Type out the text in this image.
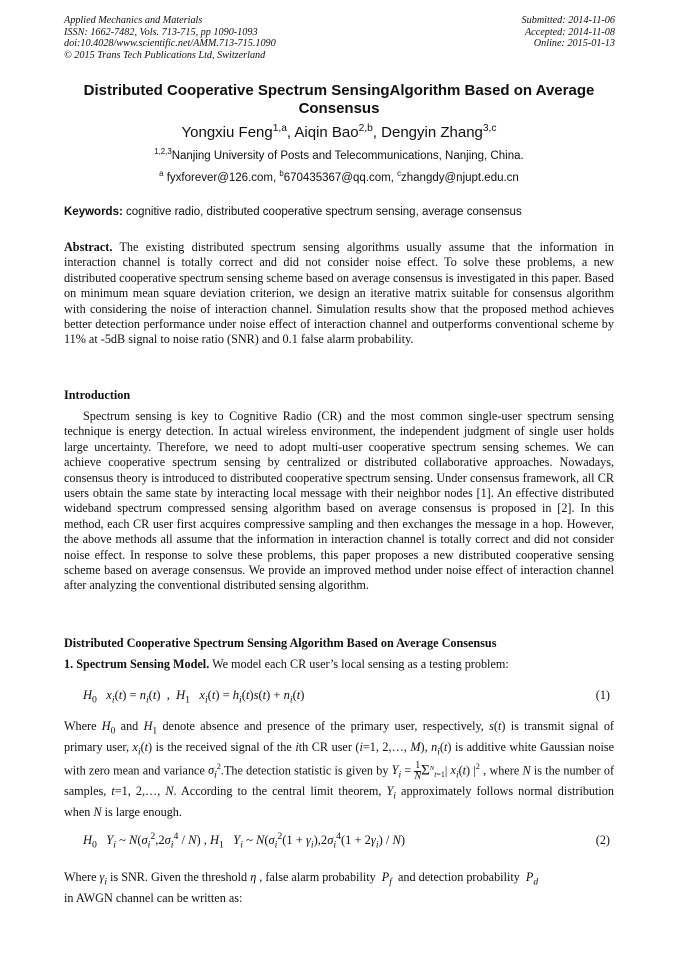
Applied Mechanics and Materials
ISSN: 1662-7482, Vols. 713-715, pp 1090-1093
doi:10.4028/www.scientific.net/AMM.713-715.1090
© 2015 Trans Tech Publications Ltd, Switzerland
Submitted: 2014-11-06
Accepted: 2014-11-08
Online: 2015-01-13
Distributed Cooperative Spectrum SensingAlgorithm Based on Average Consensus
Yongxiu Feng$^{1,a}$, Aiqin Bao$^{2,b}$, Dengyin Zhang$^{3,c}$
$^{1,2,3}$Nanjing University of Posts and Telecommunications, Nanjing, China.
$^a$ fyxforever@126.com, $^b$670435367@qq.com, $^c$zhangdy@njupt.edu.cn
Keywords: cognitive radio, distributed cooperative spectrum sensing, average consensus
Abstract. The existing distributed spectrum sensing algorithms usually assume that the information in interaction channel is totally correct and did not consider noise effect. To solve these problems, a new distributed cooperative spectrum sensing scheme based on average consensus is investigated in this paper. Based on minimum mean square deviation criterion, we design an iterative matrix suitable for consensus algorithm with considering the noise of interaction channel. Simulation results show that the proposed method achieves better detection performance under noise effect of interaction channel and outperforms conventional scheme by 11% at -5dB signal to noise ratio (SNR) and 0.1 false alarm probability.
Introduction
Spectrum sensing is key to Cognitive Radio (CR) and the most common single-user spectrum sensing technique is energy detection. In actual wireless environment, the independent judgment of single user holds large uncertainty. Therefore, we need to adopt multi-user cooperative spectrum sensing schemes. We can achieve cooperative spectrum sensing by centralized or distributed collaborative approaches. Nowadays, consensus theory is introduced to distributed cooperative spectrum sensing. Under consensus framework, all CR users obtain the same state by interacting local message with their neighbor nodes [1]. An effective distributed wideband spectrum compressed sensing algorithm based on average consensus is proposed in [2]. In this method, each CR user first acquires compressive sampling and then exchanges the message in a hop. However, the above methods all assume that the information in interaction channel is totally correct and did not consider noise effect. In response to solve these problems, this paper proposes a new distributed cooperative sensing scheme based on average consensus. We provide an improved method under noise effect of interaction channel after analyzing the conventional distributed sensing algorithm.
Distributed Cooperative Spectrum Sensing Algorithm Based on Average Consensus
1. Spectrum Sensing Model. We model each CR user’s local sensing as a testing problem:
$H_0$   $x_i(t) = n_i(t)$  ,  $H_1$   $x_i(t) = h_i(t)s(t) + n_i(t)$	(1)
Where $H_0$ and $H_1$ denote absence and presence of the primary user, respectively, s(t) is transmit signal of primary user, $x_i(t)$ is the received signal of the ith CR user (i=1, 2,…, M), $n_i(t)$ is additive white Gaussian noise with zero mean and variance $\sigma_i^2.The$ detection statistic is given by $Y_i = \frac{1}{N} \Sigma^N_{t=1}|$ $x_i(t)$ $|^2$ , where N is the number of samples, t=1, 2,…, N. According to the central limit theorem, $Y_i$ approximately follows normal distribution when N is large enough.
$H_0$   $Y_i$ ~ $N(\sigma_i^2,2\sigma_i^4 / N)$ , $H_1$   $Y_i$ ~ $N(\sigma_i^2(1 + \gamma_i),2\sigma_i^4(1 + 2\gamma_i) / N)$	(2)
Where $\gamma_i$ is SNR. Given the threshold η , false alarm probability  $P_f$  and detection probability  $P_d$
in AWGN channel can be written as:
